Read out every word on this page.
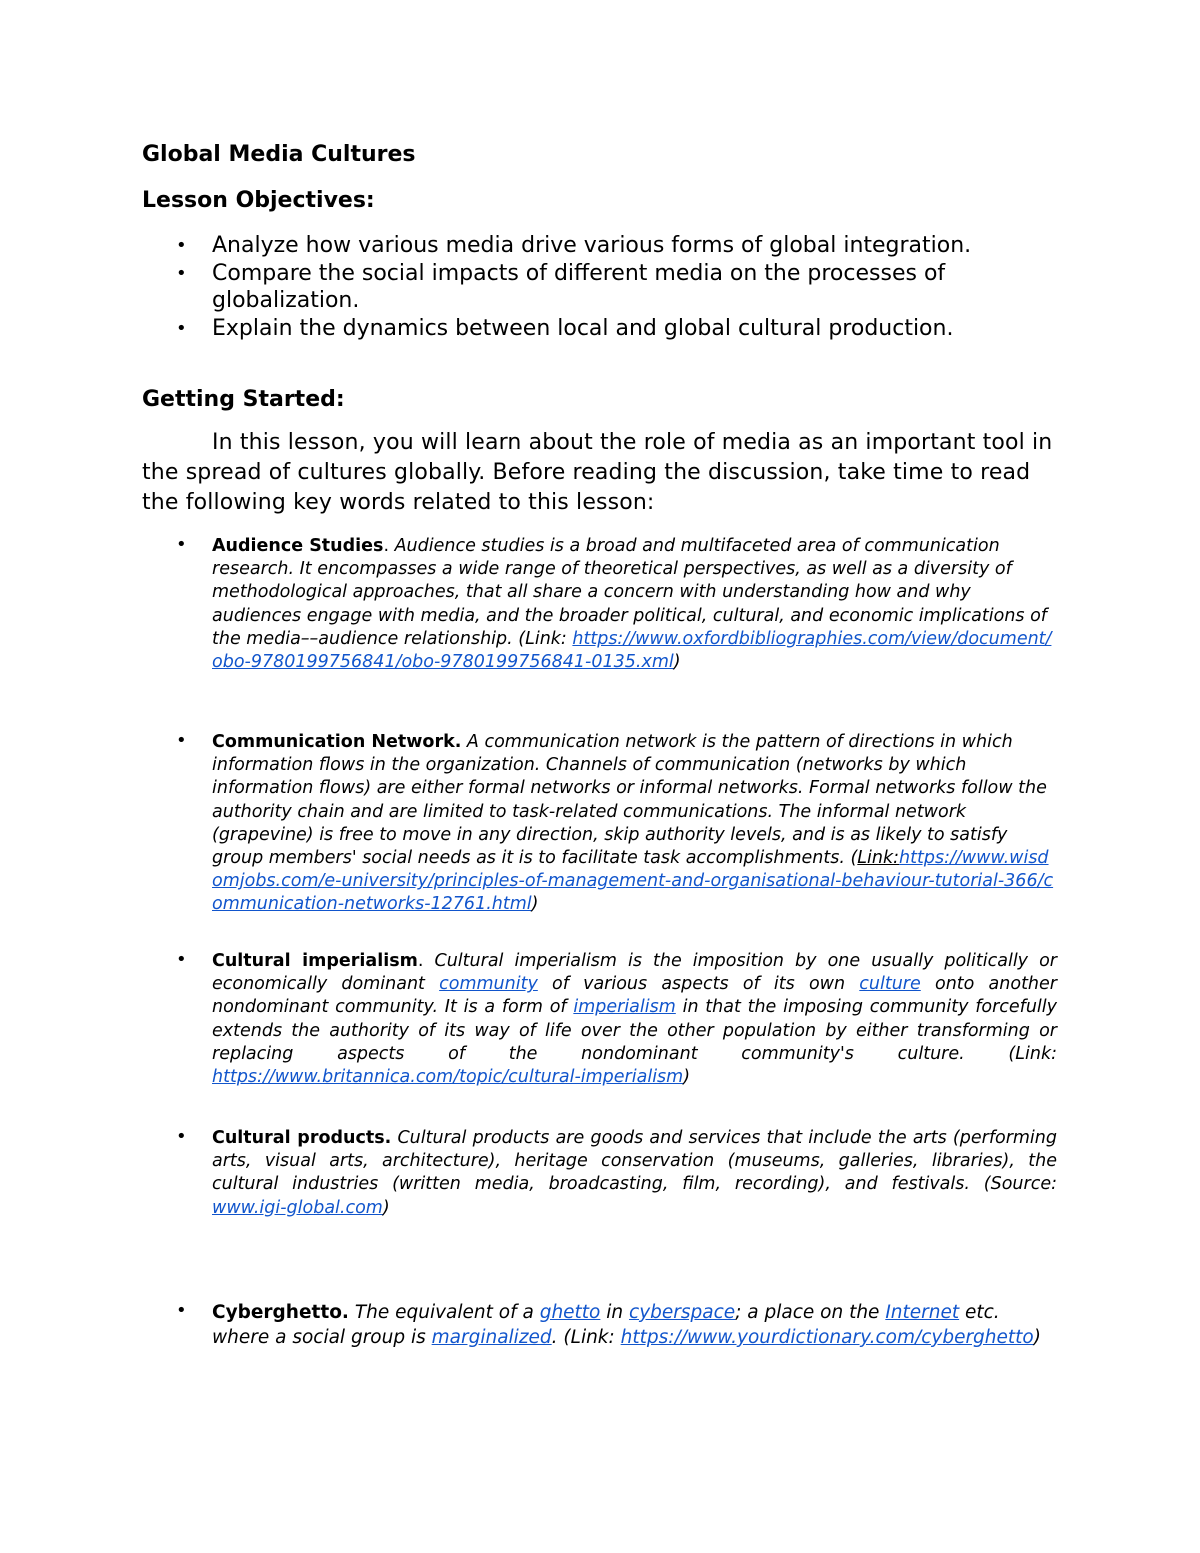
Global Media Cultures
Lesson Objectives:
• Analyze how various media drive various forms of global integration.
• Compare the social impacts of different media on the processes of globalization.
• Explain the dynamics between local and global cultural production.
Getting Started:

In this lesson, you will learn about the role of media as an important tool in the spread of cultures globally. Before reading the discussion, take time to read the following key words related to this lesson:

• Audience Studies. Audience studies is a broad and multifaceted area of communication research. It encompasses a wide range of theoretical perspectives, as well as a diversity of methodological approaches, that all share a concern with understanding how and why audiences engage with media, and the broader political, cultural, and economic implications of the media––audience relationship. (Link: https://www.oxfordbibliographies.com/view/document/obo-9780199756841/obo-9780199756841-0135.xml)
• Communication Network. A communication network is the pattern of directions in which information flows in the organization. Channels of communication (networks by which information flows) are either formal networks or informal networks. Formal networks follow the authority chain and are limited to task-related communications. The informal network (grapevine) is free to move in any direction, skip authority levels, and is as likely to satisfy group members' social needs as it is to facilitate task accomplishments. (Link:https://www.wisdomjobs.com/e-university/principles-of-management-and-organisational-behaviour-tutorial-366/communication-networks-12761.html)
• Cultural imperialism. Cultural imperialism is the imposition by one usually politically or economically dominant community of various aspects of its own culture onto another nondominant community. It is a form of imperialism in that the imposing community forcefully extends the authority of its way of life over the other population by either transforming or replacing aspects of the nondominant community's culture. (Link: https://www.britannica.com/topic/cultural-imperialism)
• Cultural products. Cultural products are goods and services that include the arts (performing arts, visual arts, architecture), heritage conservation (museums, galleries, libraries), the cultural industries (written media, broadcasting, film, recording), and festivals. (Source: www.igi-global.com)
• Cyberghetto. The equivalent of a ghetto in cyberspace; a place on the Internet etc. where a social group is marginalized. (Link: https://www.yourdictionary.com/cyberghetto)
